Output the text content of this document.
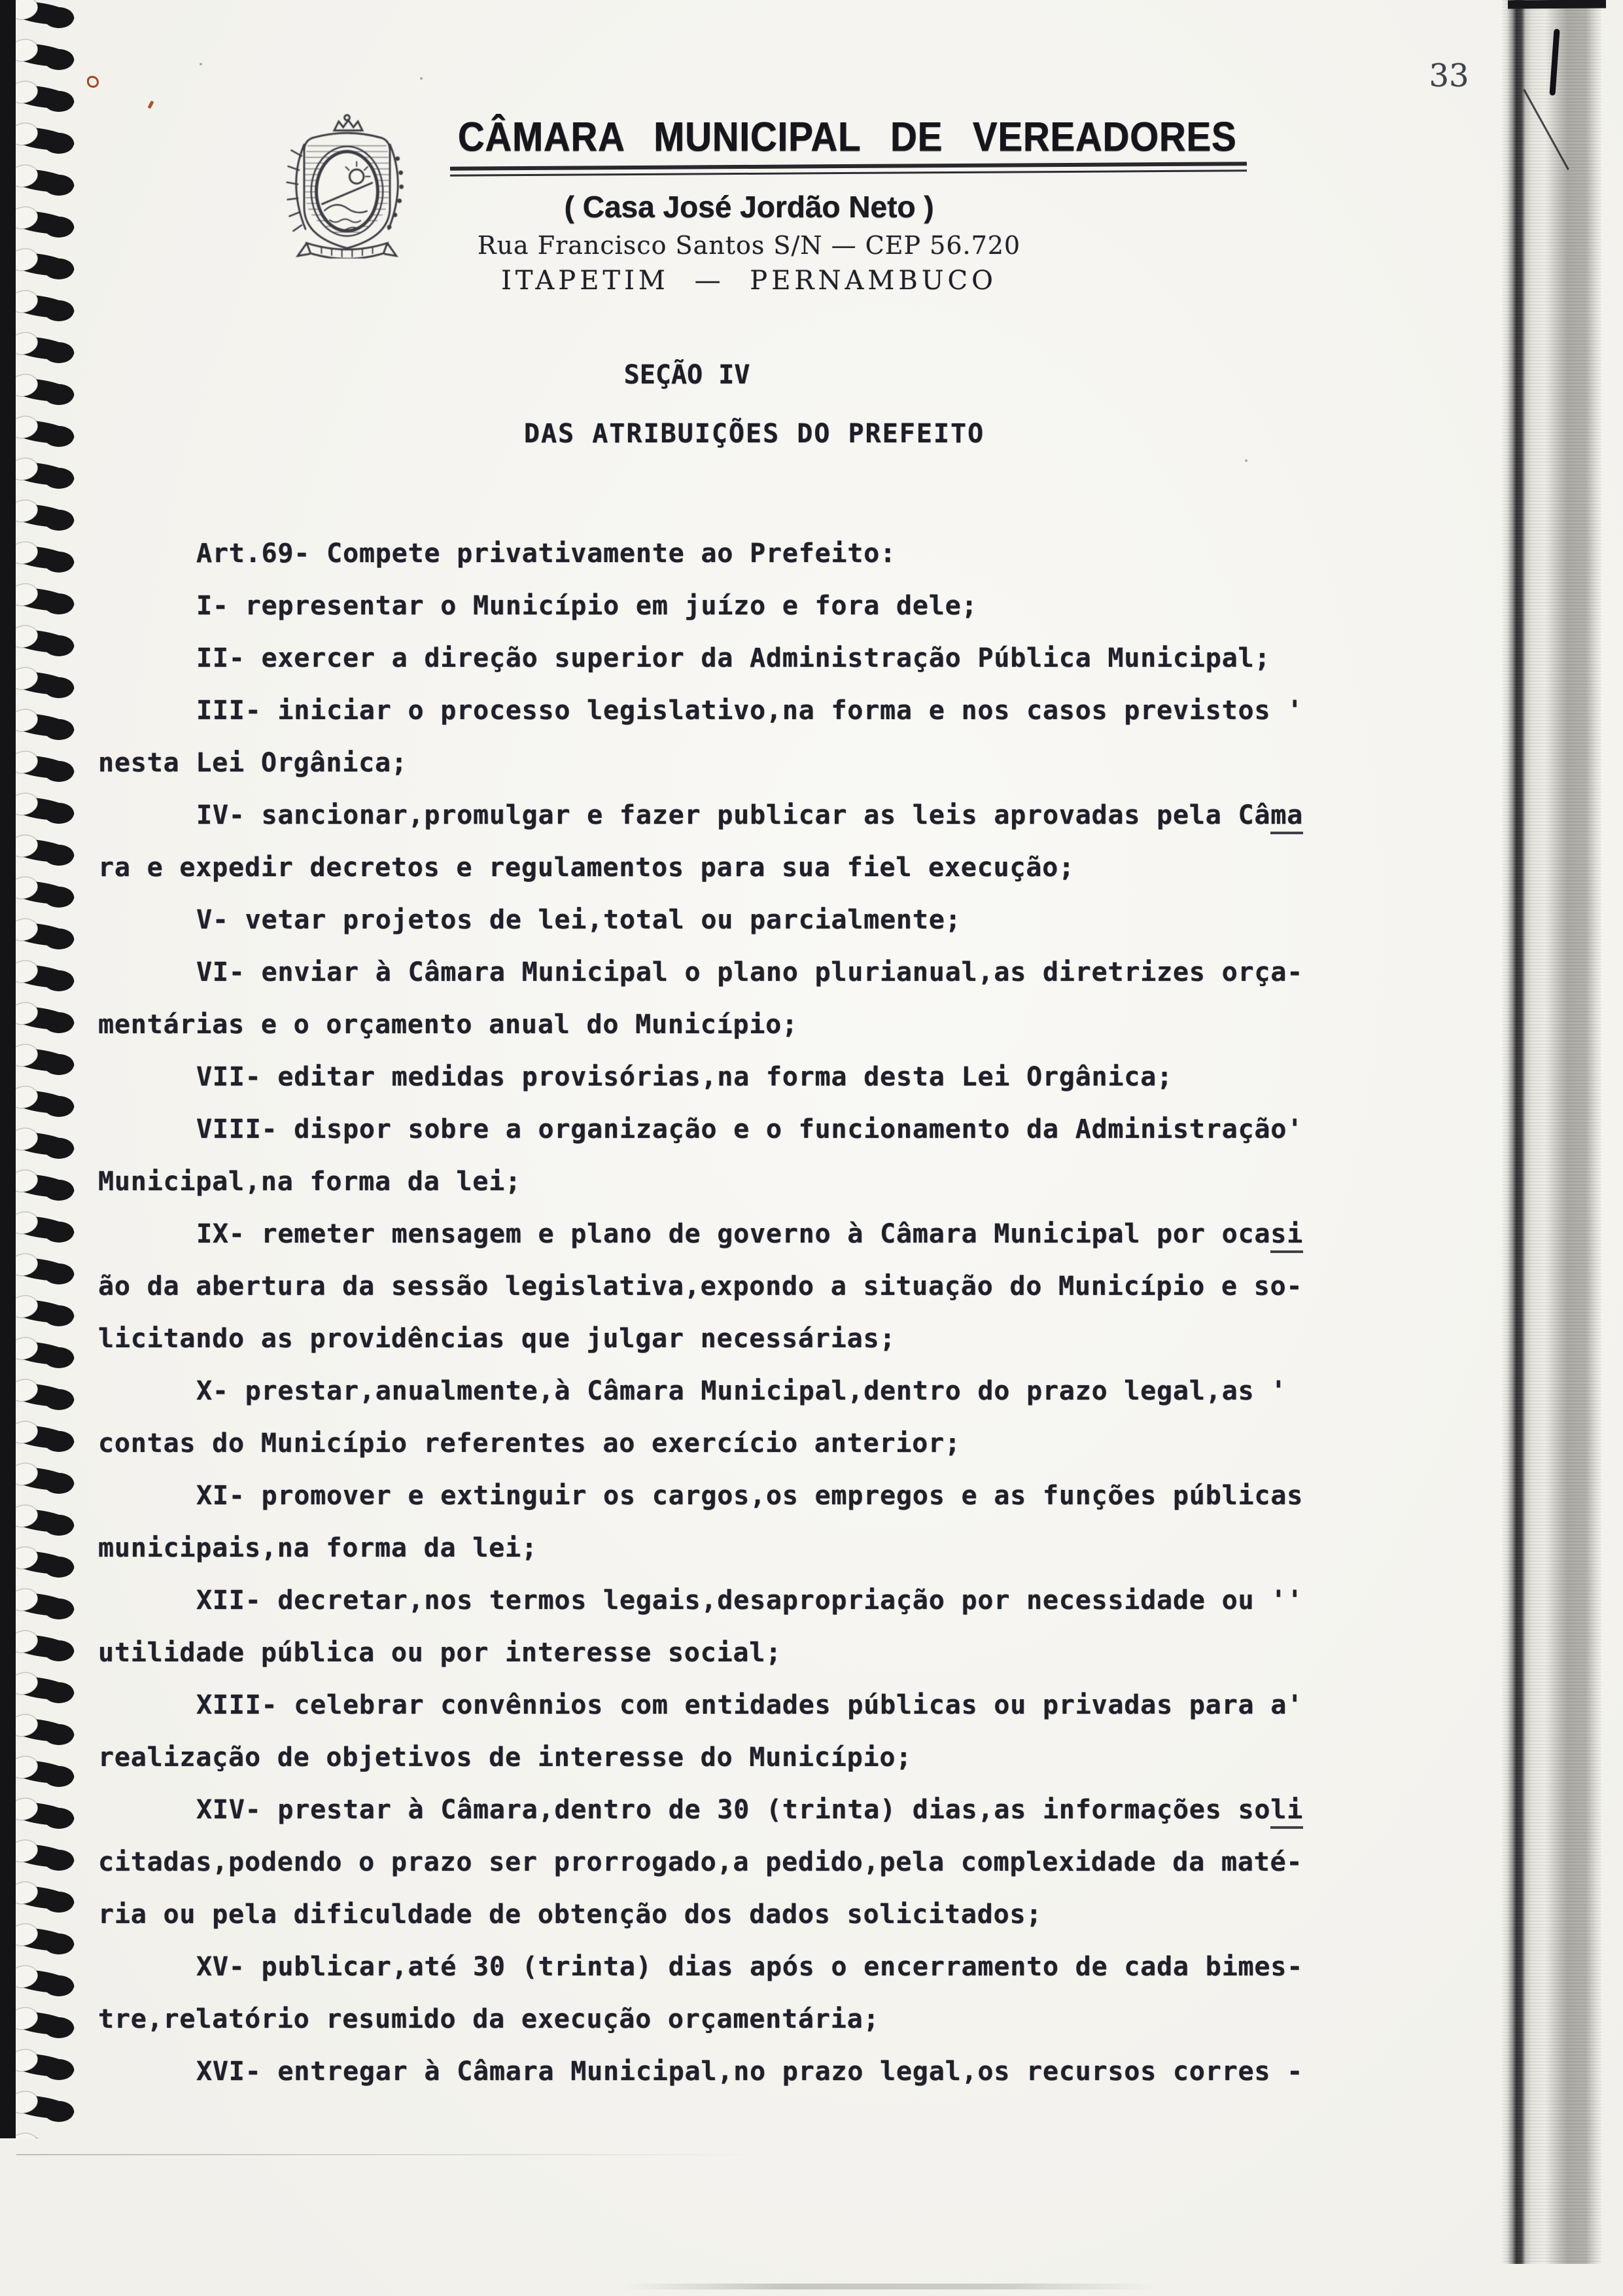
33
CÂMARA MUNICIPAL DE VEREADORES
( Casa José Jordão Neto )
Rua Francisco Santos S/N — CEP 56.720
ITAPETIM — PERNAMBUCO
SEÇÃO IV
DAS ATRIBUIÇÕES DO PREFEITO
Art.69- Compete privativamente ao Prefeito:
I- representar o Município em juízo e fora dele;
II- exercer a direção superior da Administração Pública Municipal;
III- iniciar o processo legislativo,na forma e nos casos previstos '
nesta Lei Orgânica;
IV- sancionar,promulgar e fazer publicar as leis aprovadas pela Câma
ra e expedir decretos e regulamentos para sua fiel execução;
V- vetar projetos de lei,total ou parcialmente;
VI- enviar à Câmara Municipal o plano plurianual,as diretrizes orça-
mentárias e o orçamento anual do Município;
VII- editar medidas provisórias,na forma desta Lei Orgânica;
VIII- dispor sobre a organização e o funcionamento da Administração'
Municipal,na forma da lei;
IX- remeter mensagem e plano de governo à Câmara Municipal por ocasi
ão da abertura da sessão legislativa,expondo a situação do Município e so-
licitando as providências que julgar necessárias;
X- prestar,anualmente,à Câmara Municipal,dentro do prazo legal,as '
contas do Município referentes ao exercício anterior;
XI- promover e extinguir os cargos,os empregos e as funções públicas
municipais,na forma da lei;
XII- decretar,nos termos legais,desapropriação por necessidade ou ''
utilidade pública ou por interesse social;
XIII- celebrar convênnios com entidades públicas ou privadas para a'
realização de objetivos de interesse do Município;
XIV- prestar à Câmara,dentro de 30 (trinta) dias,as informações soli
citadas,podendo o prazo ser prorrogado,a pedido,pela complexidade da maté-
ria ou pela dificuldade de obtenção dos dados solicitados;
XV- publicar,até 30 (trinta) dias após o encerramento de cada bimes-
tre,relatório resumido da execução orçamentária;
XVI- entregar à Câmara Municipal,no prazo legal,os recursos corres -
